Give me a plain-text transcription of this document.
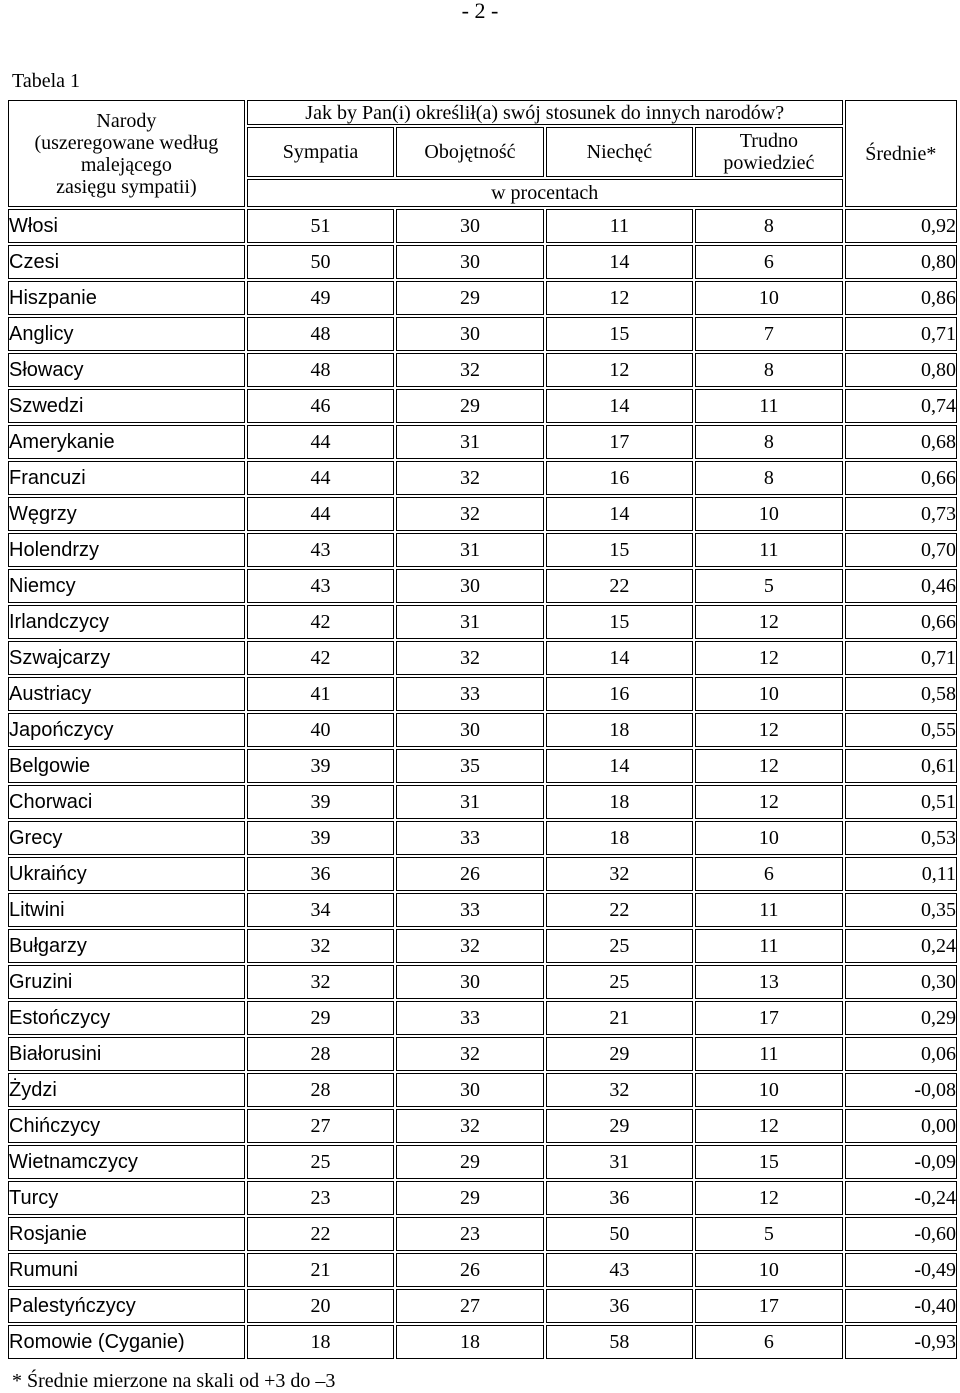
- 2 -
Tabela 1
Narody
(uszeregowane według
malejącego
zasięgu sympatii)	Jak by Pan(i) określił(a) swój stosunek do innych narodów?				Średnie*
	Sympatia	Obojętność	Niechęć	Trudno
powiedzieć	

	w procentach				
Włosi	51	30	11	8	0,92
Czesi	50	30	14	6	0,80
Hiszpanie	49	29	12	10	0,86
Anglicy	48	30	15	7	0,71
Słowacy	48	32	12	8	0,80
Szwedzi	46	29	14	11	0,74
Amerykanie	44	31	17	8	0,68
Francuzi	44	32	16	8	0,66
Węgrzy	44	32	14	10	0,73
Holendrzy	43	31	15	11	0,70
Niemcy	43	30	22	5	0,46
Irlandczycy	42	31	15	12	0,66
Szwajcarzy	42	32	14	12	0,71
Austriacy	41	33	16	10	0,58
Japończycy	40	30	18	12	0,55
Belgowie	39	35	14	12	0,61
Chorwaci	39	31	18	12	0,51
Grecy	39	33	18	10	0,53
Ukraińcy	36	26	32	6	0,11
Litwini	34	33	22	11	0,35
Bułgarzy	32	32	25	11	0,24
Gruzini	32	30	25	13	0,30
Estończycy	29	33	21	17	0,29
Białorusini	28	32	29	11	0,06
Żydzi	28	30	32	10	-0,08
Chińczycy	27	32	29	12	0,00
Wietnamczycy	25	29	31	15	-0,09
Turcy	23	29	36	12	-0,24
Rosjanie	22	23	50	5	-0,60
Rumuni	21	26	43	10	-0,49
Palestyńczycy	20	27	36	17	-0,40
Romowie (Cyganie)	18	18	58	6	-0,93
* Średnie mierzone na skali od +3 do –3
